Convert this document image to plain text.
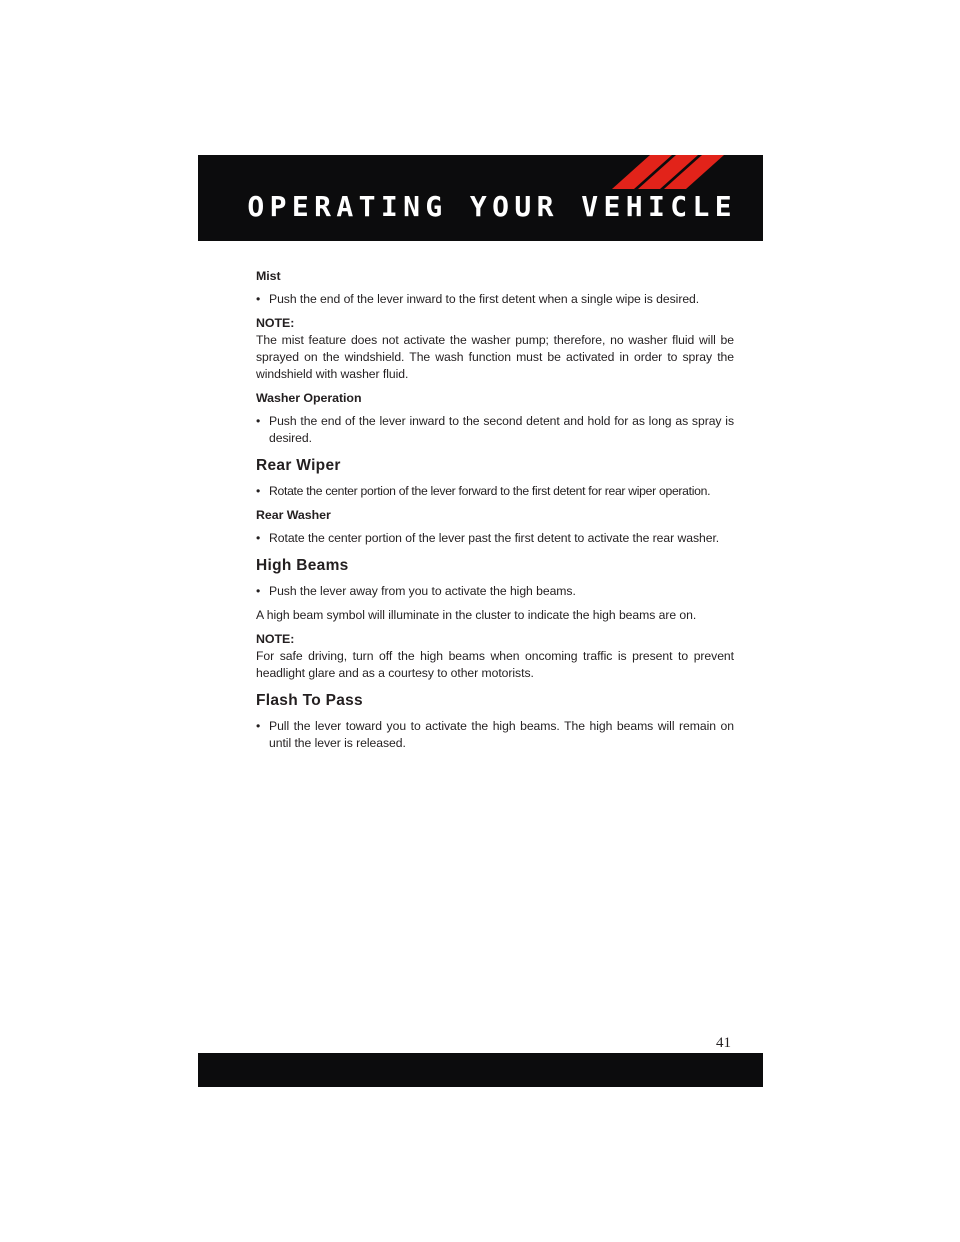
OPERATING YOUR VEHICLE

Mist

• Push the end of the lever inward to the first detent when a single wipe is desired.

NOTE:

The mist feature does not activate the washer pump; therefore, no washer fluid will be sprayed on the windshield. The wash function must be activated in order to spray the windshield with washer fluid.

Washer Operation

• Push the end of the lever inward to the second detent and hold for as long as spray is desired.

Rear Wiper

• Rotate the center portion of the lever forward to the first detent for rear wiper operation.

Rear Washer

• Rotate the center portion of the lever past the first detent to activate the rear washer.

High Beams

• Push the lever away from you to activate the high beams.

A high beam symbol will illuminate in the cluster to indicate the high beams are on.

NOTE:

For safe driving, turn off the high beams when oncoming traffic is present to prevent headlight glare and as a courtesy to other motorists.

Flash To Pass

• Pull the lever toward you to activate the high beams. The high beams will remain on until the lever is released.
41
